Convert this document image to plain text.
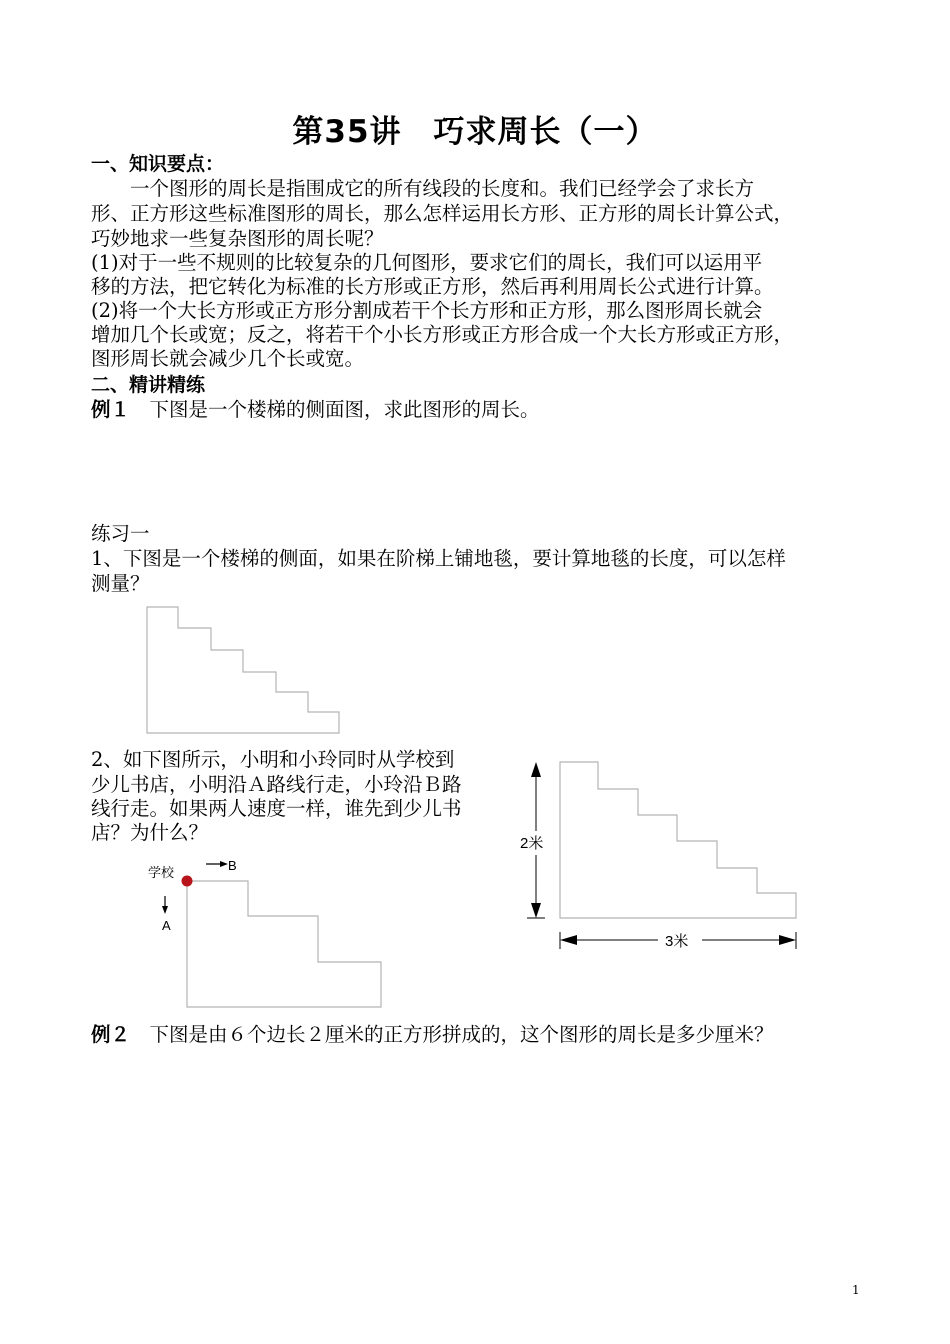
第35讲　巧求周长（一）
一、知识要点：
　　一个图形的周长是指围成它的所有线段的长度和。我们已经学会了求长方
形、正方形这些标准图形的周长，那么怎样运用长方形、正方形的周长计算公式，
巧妙地求一些复杂图形的周长呢？
(1)对于一些不规则的比较复杂的几何图形，要求它们的周长，我们可以运用平
移的方法，把它转化为标准的长方形或正方形，然后再利用周长公式进行计算。
(2)将一个大长方形或正方形分割成若干个长方形和正方形，那么图形周长就会
增加几个长或宽；反之，将若干个小长方形或正方形合成一个大长方形或正方形，
图形周长就会减少几个长或宽。
二、精讲精练
例１　下图是一个楼梯的侧面图，求此图形的周长。
练习一
1、下图是一个楼梯的侧面，如果在阶梯上铺地毯，要计算地毯的长度，可以怎样
测量？
2、如下图所示，小明和小玲同时从学校到
少儿书店，小明沿Ａ路线行走，小玲沿Ｂ路
线行走。如果两人速度一样，谁先到少儿书
店？为什么？
学校	B
A
2米
3米
例２　下图是由６个边长２厘米的正方形拼成的，这个图形的周长是多少厘米？
1
